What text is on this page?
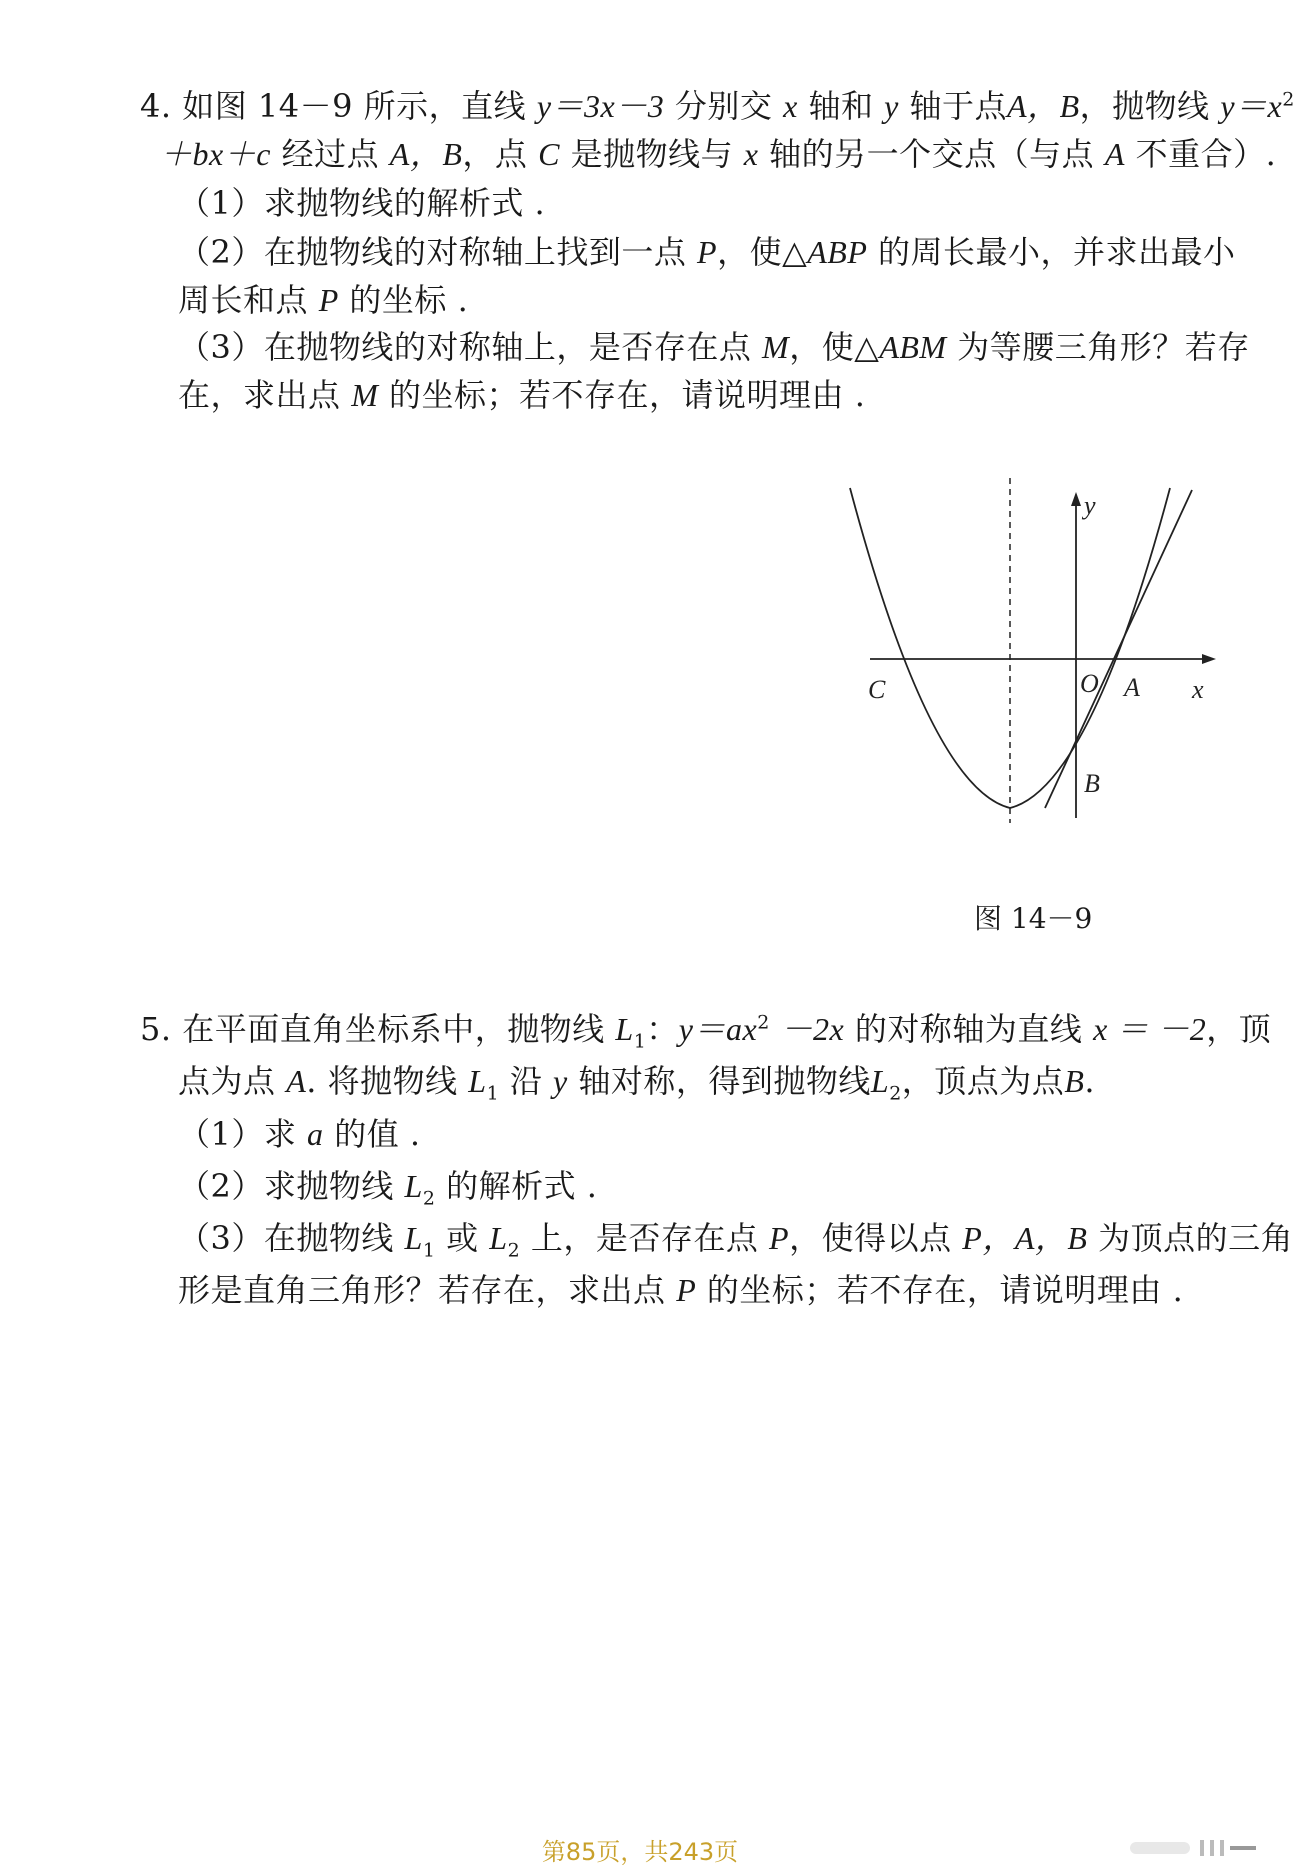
4. 如图 14－9 所示，直线 y＝3x－3 分别交 x 轴和 y 轴于点A，B，抛物线 $y=x^2$
＋bx＋c 经过点 A，B，点 C 是抛物线与 x 轴的另一个交点（与点 A 不重合）.
（1）求抛物线的解析式 .
（2）在抛物线的对称轴上找到一点 P，使△ABP 的周长最小，并求出最小
周长和点 P 的坐标 .
（3）在抛物线的对称轴上，是否存在点 M，使△ABM 为等腰三角形？若存
在，求出点 M 的坐标；若不存在，请说明理由 .
y
x
O A
C
B
图 14－9
5. 在平面直角坐标系中，抛物线 $L_1$：$y=ax^2 -2x$ 的对称轴为直线 x ＝ －2，顶
点为点 A. 将抛物线 $L_1$ 沿 y 轴对称，得到抛物线$L_2$，顶点为点B.
（1）求 a 的值 .
（2）求抛物线 $L_2$ 的解析式 .
（3）在抛物线 $L_1$ 或 $L_2$ 上，是否存在点 P，使得以点 P，A，B 为顶点的三角
形是直角三角形？若存在，求出点 P 的坐标；若不存在，请说明理由 .
第85页，共243页
